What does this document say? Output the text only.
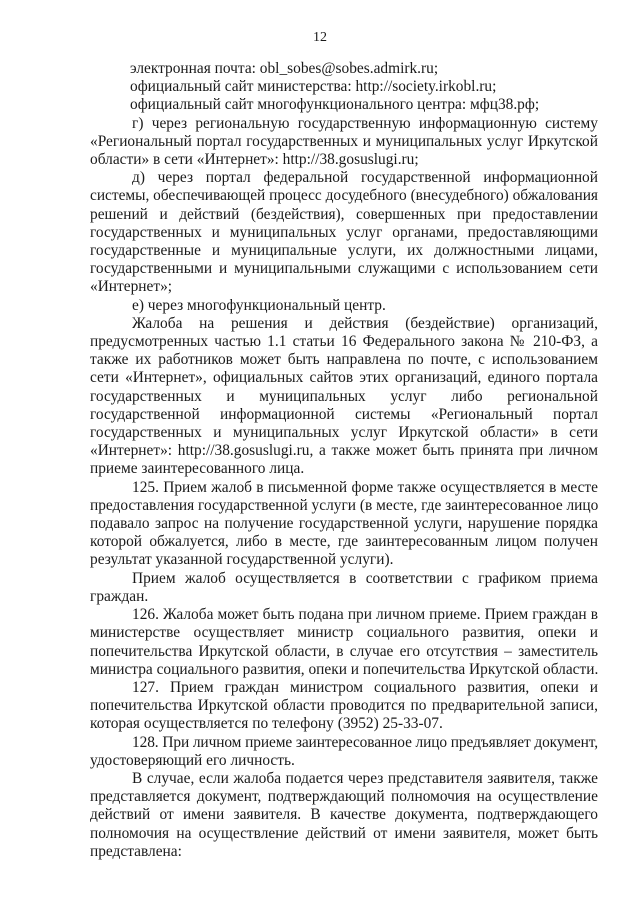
12
электронная почта: obl_sobes@sobes.admirk.ru;
официальный сайт министерства: http://society.irkobl.ru;
официальный сайт многофункционального центра: мфц38.рф;
г) через региональную государственную информационную систему
«Региональный портал государственных и муниципальных услуг Иркутской
области» в сети «Интернет»: http://38.gosuslugi.ru;
д) через портал федеральной государственной информационной
системы, обеспечивающей процесс досудебного (внесудебного) обжалования
решений и действий (бездействия), совершенных при предоставлении
государственных и муниципальных услуг органами, предоставляющими
государственные и муниципальные услуги, их должностными лицами,
государственными и муниципальными служащими с использованием сети
«Интернет»;
е) через многофункциональный центр.
Жалоба на решения и действия (бездействие) организаций,
предусмотренных частью 1.1 статьи 16 Федерального закона № 210-ФЗ, а
также их работников может быть направлена по почте, с использованием
сети «Интернет», официальных сайтов этих организаций, единого портала
государственных и муниципальных услуг либо региональной
государственной информационной системы «Региональный портал
государственных и муниципальных услуг Иркутской области» в сети
«Интернет»: http://38.gosuslugi.ru, а также может быть принята при личном
приеме заинтересованного лица.
125. Прием жалоб в письменной форме также осуществляется в месте
предоставления государственной услуги (в месте, где заинтересованное лицо
подавало запрос на получение государственной услуги, нарушение порядка
которой обжалуется, либо в месте, где заинтересованным лицом получен
результат указанной государственной услуги).
Прием жалоб осуществляется в соответствии с графиком приема
граждан.
126. Жалоба может быть подана при личном приеме. Прием граждан в
министерстве осуществляет министр социального развития, опеки и
попечительства Иркутской области, в случае его отсутствия – заместитель
министра социального развития, опеки и попечительства Иркутской области.
127. Прием граждан министром социального развития, опеки и
попечительства Иркутской области проводится по предварительной записи,
которая осуществляется по телефону (3952) 25-33-07.
128. При личном приеме заинтересованное лицо предъявляет документ,
удостоверяющий его личность.
В случае, если жалоба подается через представителя заявителя, также
представляется документ, подтверждающий полномочия на осуществление
действий от имени заявителя. В качестве документа, подтверждающего
полномочия на осуществление действий от имени заявителя, может быть
представлена:
